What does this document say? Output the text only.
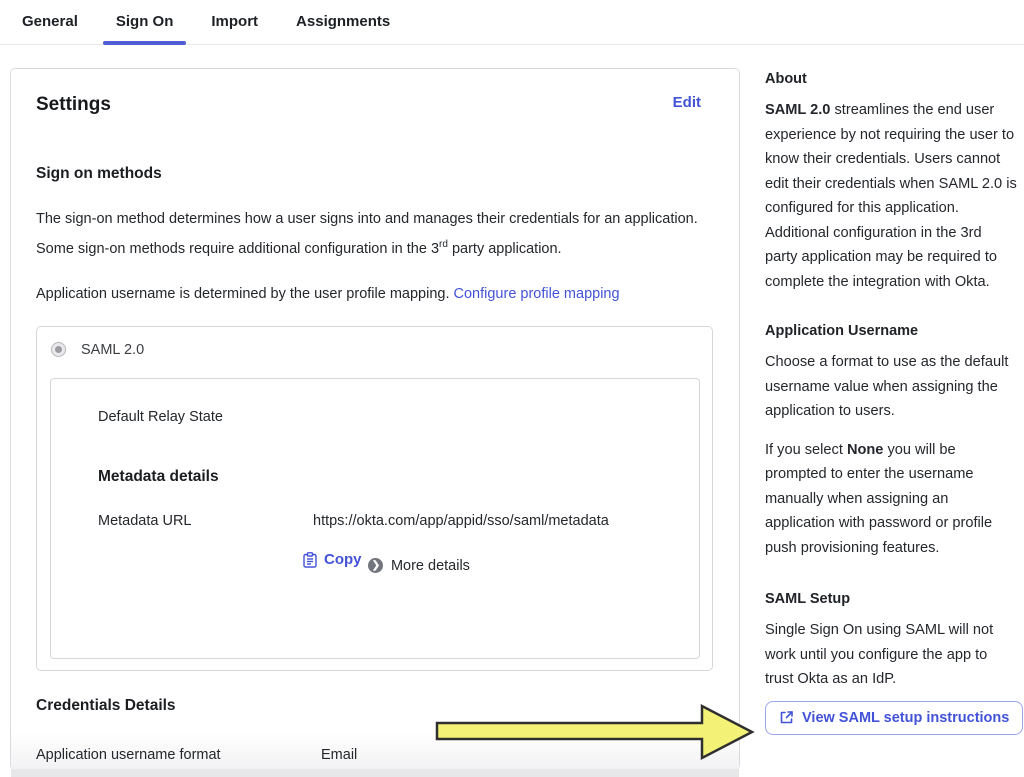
General	Sign On	Import	Assignments
Settings	Edit
Sign on methods

The sign-on method determines how a user signs into and manages their credentials for an application. Some sign-on methods require additional configuration in the 3rd party application.

Application username is determined by the user profile mapping. Configure profile mapping

SAML 2.0
Default Relay State
Metadata details
Metadata URL	https://okta.com/app/appid/sso/saml/metadata
Copy
	❯ More details
Credentials Details
Application username format	Email
About

SAML 2.0 streamlines the end user experience by not requiring the user to know their credentials. Users cannot edit their credentials when SAML 2.0 is configured for this application. Additional configuration in the 3rd party application may be required to complete the integration with Okta.

Application Username

Choose a format to use as the default username value when assigning the application to users.

If you select None you will be prompted to enter the username manually when assigning an application with password or profile push provisioning features.

SAML Setup

Single Sign On using SAML will not work until you configure the app to trust Okta as an IdP.

View SAML setup instructions
